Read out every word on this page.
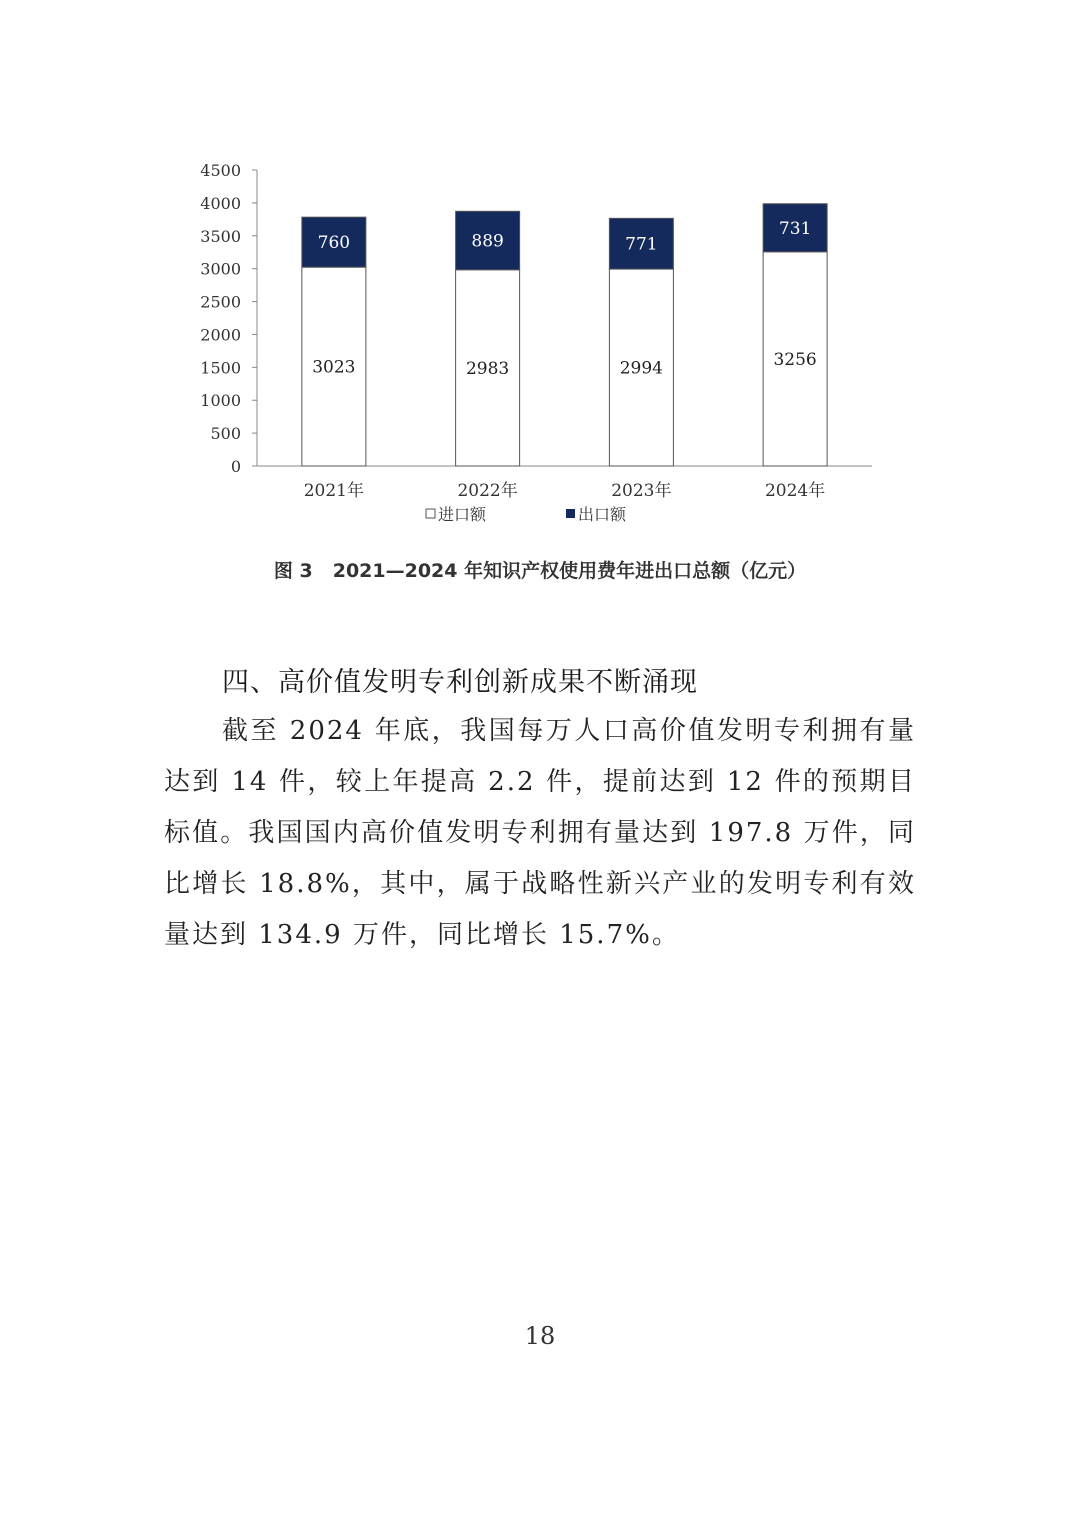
0
500
1000
1500
2000
2500
3000
3500
4000
4500
3023
760
2021年
2983
889
2022年
2994
771
2023年
3256
731
2024年
进口额	出口额
图 3 2021—2024 年知识产权使用费年进出口总额（亿元）
四、高价值发明专利创新成果不断涌现
截至 2024 年底，我国每万人口高价值发明专利拥有量达到 14 件，较上年提高 2.2 件，提前达到 12 件的预期目标值。我国国内高价值发明专利拥有量达到 197.8 万件，同比增长 18.8%，其中，属于战略性新兴产业的发明专利有效量达到 134.9 万件，同比增长 15.7%。
18
